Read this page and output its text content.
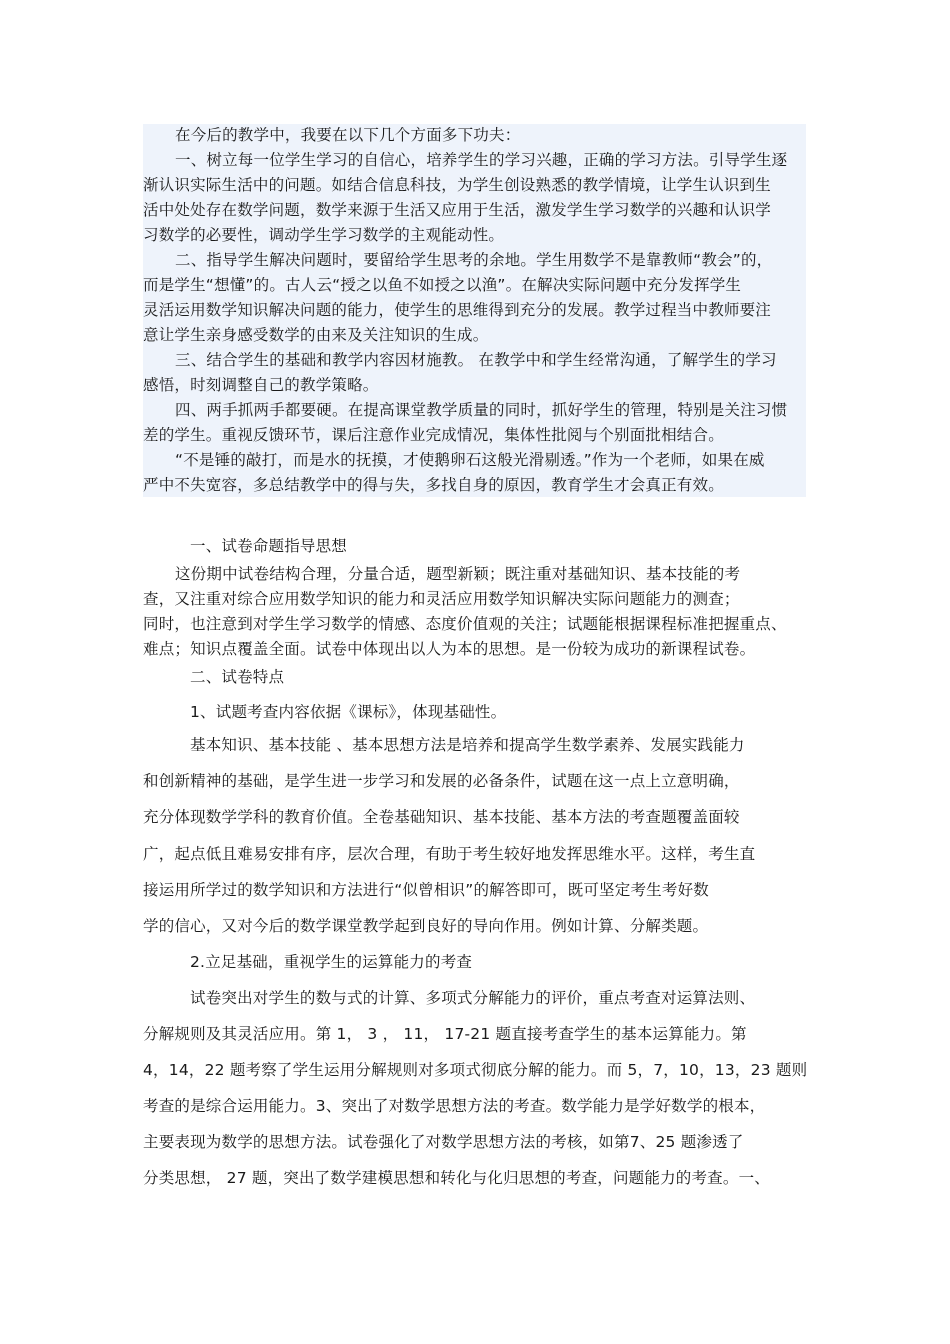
在今后的教学中，我要在以下几个方面多下功夫：
一、树立每一位学生学习的自信心，培养学生的学习兴趣，正确的学习方法。引导学生逐
渐认识实际生活中的问题。如结合信息科技，为学生创设熟悉的教学情境，让学生认识到生
活中处处存在数学问题，数学来源于生活又应用于生活，激发学生学习数学的兴趣和认识学
习数学的必要性，调动学生学习数学的主观能动性。
二、指导学生解决问题时，要留给学生思考的余地。学生用数学不是靠教师“教会”的，
而是学生“想懂”的。古人云“授之以鱼不如授之以渔”。在解决实际问题中充分发挥学生
灵活运用数学知识解决问题的能力，使学生的思维得到充分的发展。教学过程当中教师要注
意让学生亲身感受数学的由来及关注知识的生成。
三、结合学生的基础和教学内容因材施教。 在教学中和学生经常沟通，了解学生的学习
感悟，时刻调整自己的教学策略。
四、两手抓两手都要硬。在提高课堂教学质量的同时，抓好学生的管理，特别是关注习惯
差的学生。重视反馈环节，课后注意作业完成情况，集体性批阅与个别面批相结合。
“不是锤的敲打，而是水的抚摸，才使鹅卵石这般光滑剔透。”作为一个老师，如果在威
严中不失宽容，多总结教学中的得与失，多找自身的原因，教育学生才会真正有效。
一、试卷命题指导思想
这份期中试卷结构合理，分量合适，题型新颖；既注重对基础知识、基本技能的考
查，又注重对综合应用数学知识的能力和灵活应用数学知识解决实际问题能力的测查；
同时，也注意到对学生学习数学的情感、态度价值观的关注；试题能根据课程标准把握重点、
难点；知识点覆盖全面。试卷中体现出以人为本的思想。是一份较为成功的新课程试卷。
二、试卷特点
1、试题考查内容依据《课标》，体现基础性。
基本知识、基本技能 、基本思想方法是培养和提高学生数学素养、发展实践能力
和创新精神的基础，是学生进一步学习和发展的必备条件，试题在这一点上立意明确，
充分体现数学学科的教育价值。全卷基础知识、基本技能、基本方法的考查题覆盖面较
广，起点低且难易安排有序，层次合理，有助于考生较好地发挥思维水平。这样，考生直
接运用所学过的数学知识和方法进行“似曾相识”的解答即可，既可坚定考生考好数
学的信心，又对今后的数学课堂教学起到良好的导向作用。例如计算、分解类题。
2.立足基础，重视学生的运算能力的考查
试卷突出对学生的数与式的计算、多项式分解能力的评价，重点考查对运算法则、
分解规则及其灵活应用。第 1， 3 ， 11， 17-21 题直接考查学生的基本运算能力。第
4，14，22 题考察了学生运用分解规则对多项式彻底分解的能力。而 5，7，10，13，23 题则
考查的是综合运用能力。3、突出了对数学思想方法的考查。数学能力是学好数学的根本，
主要表现为数学的思想方法。试卷强化了对数学思想方法的考核，如第7、25 题渗透了
分类思想， 27 题，突出了数学建模思想和转化与化归思想的考查，问题能力的考查。一、
